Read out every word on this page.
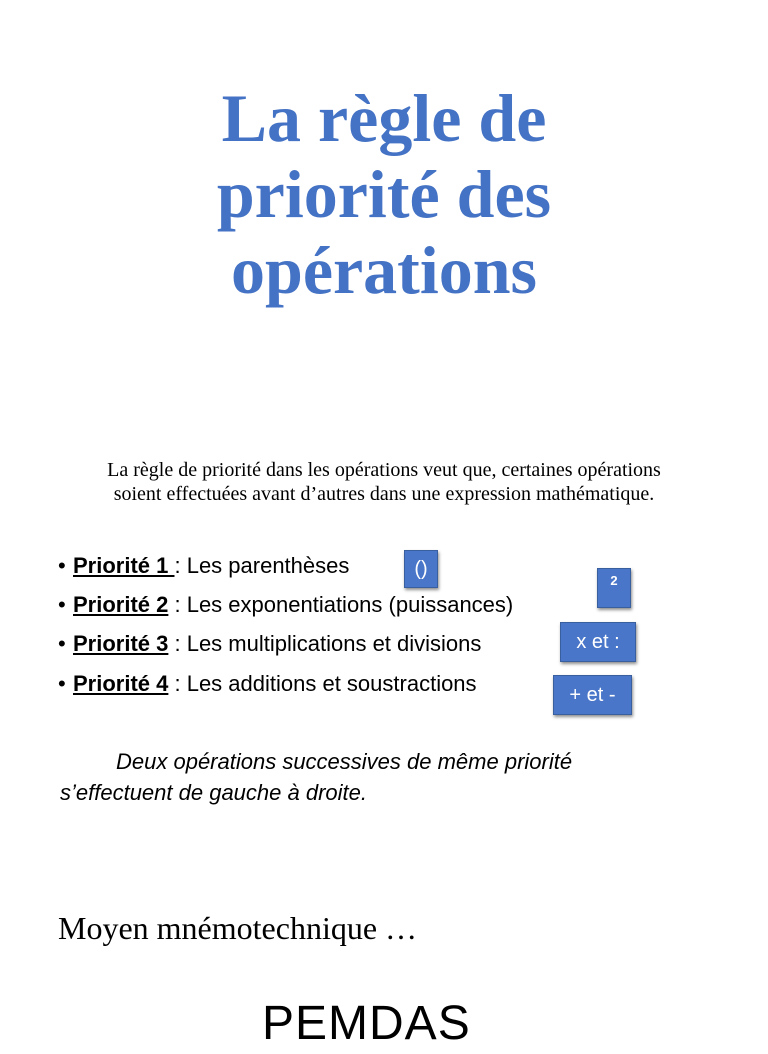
La règle de
priorité des
opérations

La règle de priorité dans les opérations veut que, certaines opérations
soient effectuées avant d’autres dans une expression mathématique.

• Priorité 1 : Les parenthèses	()

• Priorité 2 : Les exponentiations (puissances)

2

• Priorité 3 : Les multiplications et divisions	x et :

• Priorité 4 : Les additions et soustractions	+ et -

Deux opérations successives de même priorité
s’effectuent de gauche à droite.

Moyen mnémotechnique …

PEMDAS
